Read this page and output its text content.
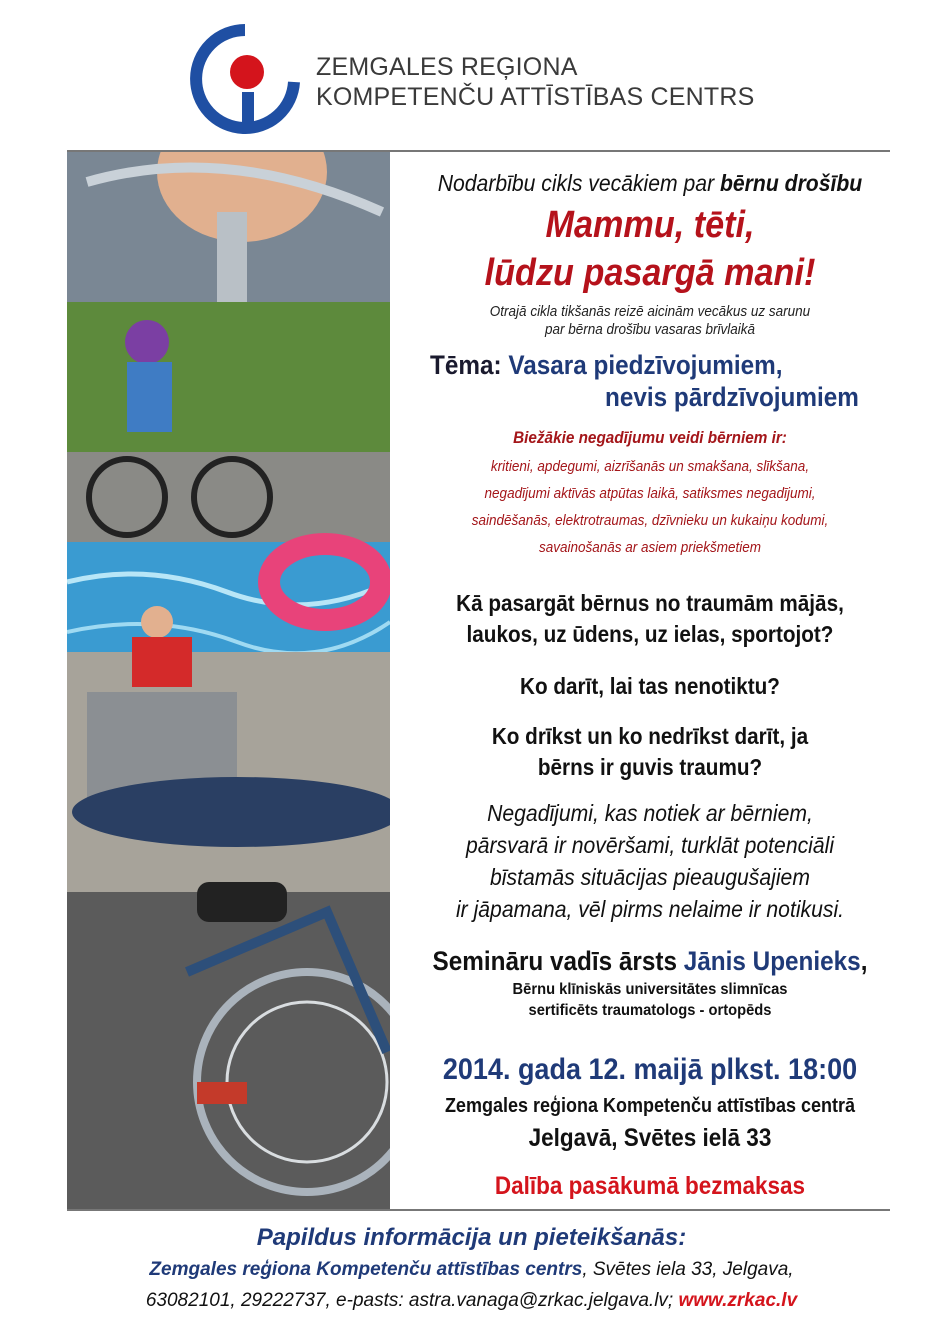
ZEMGALES REĢIONA
KOMPETENČU ATTĪSTĪBAS CENTRS
Nodarbību cikls vecākiem par bērnu drošību
Mammu, tēti,
lūdzu pasargā mani!
Otrajā cikla tikšanās reizē aicinām vecākus uz sarunu
par bērna drošību vasaras brīvlaikā
Tēma: Vasara piedzīvojumiem,
nevis pārdzīvojumiem
Biežākie negadījumu veidi bērniem ir:
kritieni, apdegumi, aizrīšanās un smakšana, slīkšana,
negadījumi aktīvās atpūtas laikā, satiksmes negadījumi,
saindēšanās, elektrotraumas, dzīvnieku un kukaiņu kodumi,
savainošanās ar asiem priekšmetiem
Kā pasargāt bērnus no traumām mājās,
laukos, uz ūdens, uz ielas, sportojot?
Ko darīt, lai tas nenotiktu?
Ko drīkst un ko nedrīkst darīt, ja
bērns ir guvis traumu?
Negadījumi, kas notiek ar bērniem,
pārsvarā ir novēršami, turklāt potenciāli
bīstamās situācijas pieaugušajiem
ir jāpamana, vēl pirms nelaime ir notikusi.
Semināru vadīs ārsts Jānis Upenieks,
Bērnu klīniskās universitātes slimnīcas
sertificēts traumatologs - ortopēds
2014. gada 12. maijā plkst. 18:00
Zemgales reģiona Kompetenču attīstības centrā
Jelgavā, Svētes ielā 33
Dalība pasākumā bezmaksas
Papildus informācija un pieteikšanās:
Zemgales reģiona Kompetenču attīstības centrs, Svētes iela 33, Jelgava,
63082101, 29222737, e-pasts: astra.vanaga@zrkac.jelgava.lv; www.zrkac.lv
